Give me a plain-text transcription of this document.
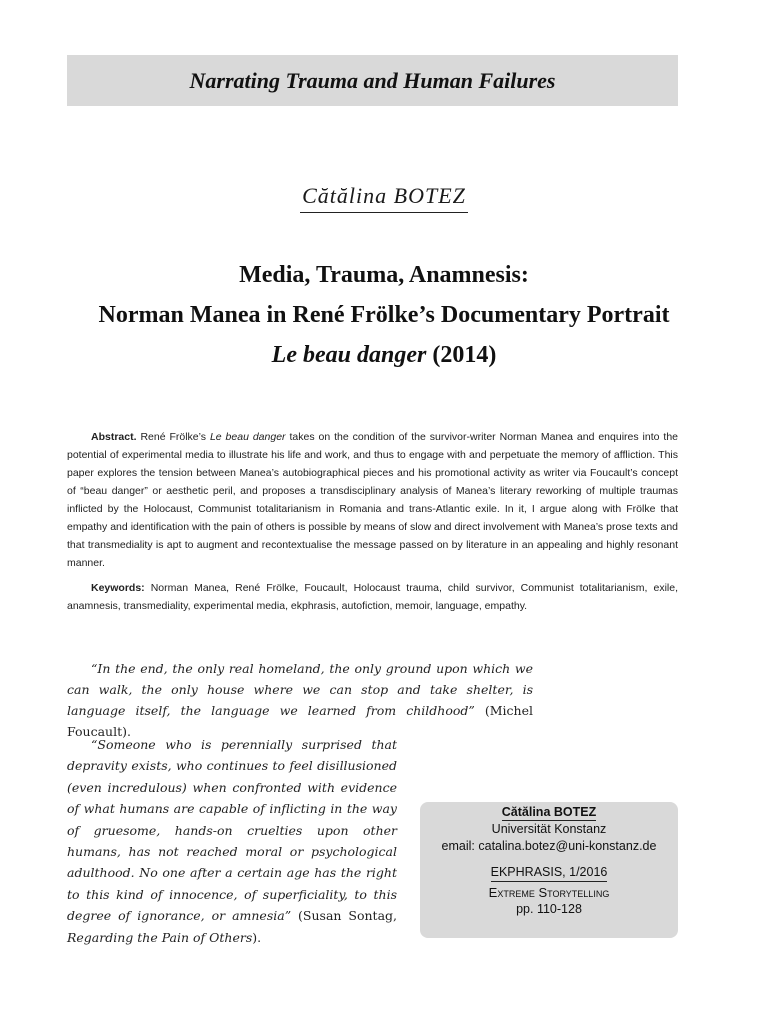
Narrating Trauma and Human Failures
Cătălina BOTEZ
Media, Trauma, Anamnesis:
Norman Manea in René Frölke’s Documentary Portrait
Le beau danger (2014)

Abstract. René Frölke’s Le beau danger takes on the condition of the survivor-writer Norman Manea and enquires into the potential of experimental media to illustrate his life and work, and thus to engage with and perpetuate the memory of affliction. This paper explores the tension between Manea’s autobiographical pieces and his promotional activity as writer via Foucault’s concept of “beau danger” or aesthetic peril, and proposes a transdisciplinary analysis of Manea’s literary reworking of multiple traumas inflicted by the Holocaust, Communist totalitarianism in Romania and trans-Atlantic exile. In it, I argue along with Frölke that empathy and identification with the pain of others is possible by means of slow and direct involvement with Manea’s prose texts and that transmediality is apt to augment and recontextualise the message passed on by literature in an appealing and highly resonant manner.

Keywords: Norman Manea, René Frölke, Foucault, Holocaust trauma, child survivor, Communist totalitarianism, exile, anamnesis, transmediality, experimental media, ekphrasis, autofiction, memoir, language, empathy.

“In the end, the only real homeland, the only ground upon which we can walk, the only house where we can stop and take shelter, is language itself, the language we learned from childhood” (Michel Foucault).

“Someone who is perennially surprised that depravity exists, who continues to feel disillusioned (even incredulous) when confronted with evidence of what humans are capable of inflicting in the way of gruesome, hands-on cruelties upon other humans, has not reached moral or psychological adulthood. No one after a certain age has the right to this kind of innocence, of superficiality, to this degree of ignorance, or amnesia” (Susan Sontag, Regarding the Pain of Others).

Cătălina BOTEZ
Universität Konstanz
email: catalina.botez@uni-konstanz.de
EKPHRASIS, 1/2016
Extreme Storytelling
pp. 110-128
